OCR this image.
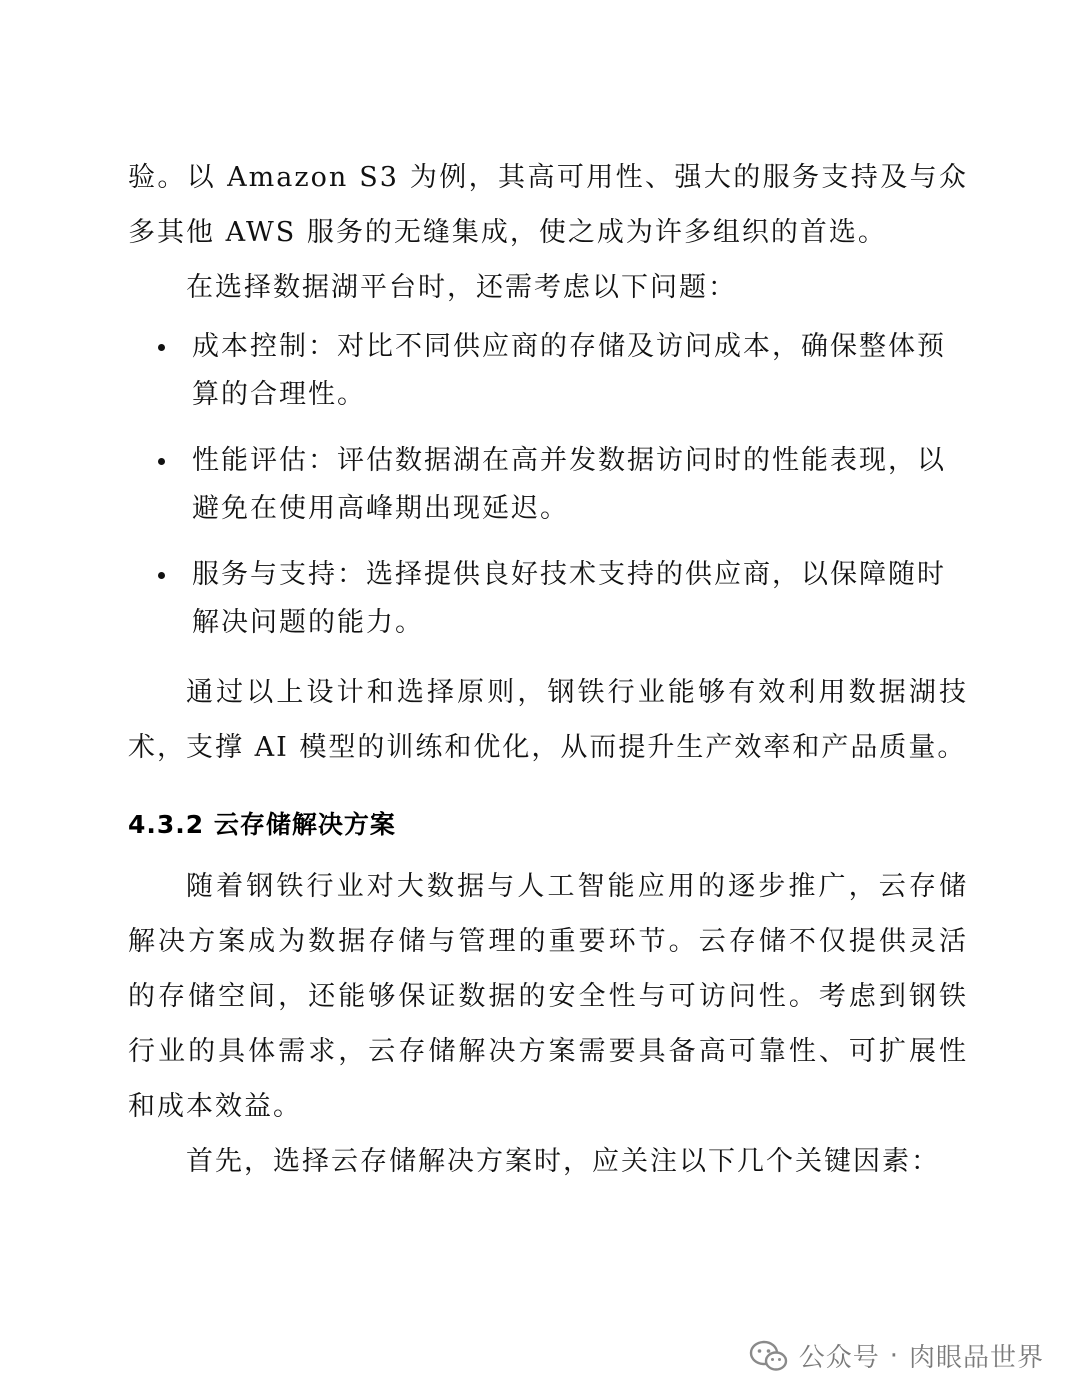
验。以 Amazon S3 为例，其高可用性、强大的服务支持及与众多其他 AWS 服务的无缝集成，使之成为许多组织的首选。

在选择数据湖平台时，还需考虑以下问题：

成本控制：对比不同供应商的存储及访问成本，确保整体预算的合理性。
性能评估：评估数据湖在高并发数据访问时的性能表现，以避免在使用高峰期出现延迟。
服务与支持：选择提供良好技术支持的供应商，以保障随时解决问题的能力。

通过以上设计和选择原则，钢铁行业能够有效利用数据湖技术，支撑 AI 模型的训练和优化，从而提升生产效率和产品质量。

4.3.2 云存储解决方案

随着钢铁行业对大数据与人工智能应用的逐步推广，云存储解决方案成为数据存储与管理的重要环节。云存储不仅提供灵活的存储空间，还能够保证数据的安全性与可访问性。考虑到钢铁行业的具体需求，云存储解决方案需要具备高可靠性、可扩展性和成本效益。

首先，选择云存储解决方案时，应关注以下几个关键因素：

公众号 · 肉眼品世界
